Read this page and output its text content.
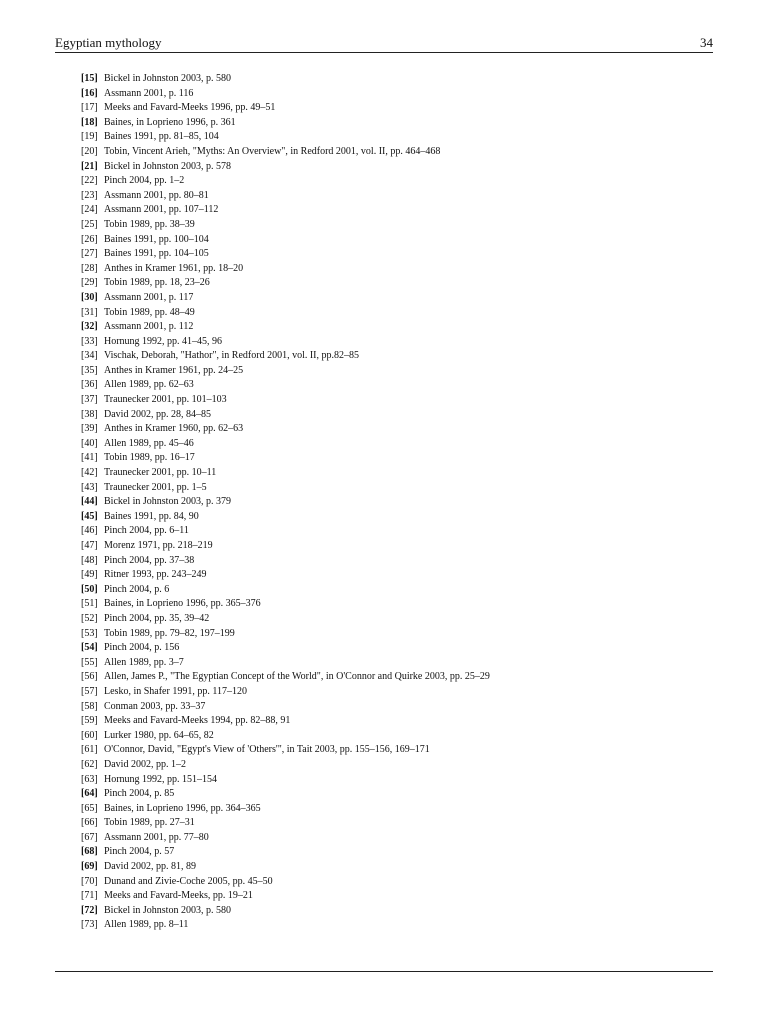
Egyptian mythology	34
[15] Bickel in Johnston 2003, p. 580
[16] Assmann 2001, p. 116
[17] Meeks and Favard-Meeks 1996, pp. 49–51
[18] Baines, in Loprieno 1996, p. 361
[19] Baines 1991, pp. 81–85, 104
[20] Tobin, Vincent Arieh, "Myths: An Overview", in Redford 2001, vol. II, pp. 464–468
[21] Bickel in Johnston 2003, p. 578
[22] Pinch 2004, pp. 1–2
[23] Assmann 2001, pp. 80–81
[24] Assmann 2001, pp. 107–112
[25] Tobin 1989, pp. 38–39
[26] Baines 1991, pp. 100–104
[27] Baines 1991, pp. 104–105
[28] Anthes in Kramer 1961, pp. 18–20
[29] Tobin 1989, pp. 18, 23–26
[30] Assmann 2001, p. 117
[31] Tobin 1989, pp. 48–49
[32] Assmann 2001, p. 112
[33] Hornung 1992, pp. 41–45, 96
[34] Vischak, Deborah, "Hathor", in Redford 2001, vol. II, pp.82–85
[35] Anthes in Kramer 1961, pp. 24–25
[36] Allen 1989, pp. 62–63
[37] Traunecker 2001, pp. 101–103
[38] David 2002, pp. 28, 84–85
[39] Anthes in Kramer 1960, pp. 62–63
[40] Allen 1989, pp. 45–46
[41] Tobin 1989, pp. 16–17
[42] Traunecker 2001, pp. 10–11
[43] Traunecker 2001, pp. 1–5
[44] Bickel in Johnston 2003, p. 379
[45] Baines 1991, pp. 84, 90
[46] Pinch 2004, pp. 6–11
[47] Morenz 1971, pp. 218–219
[48] Pinch 2004, pp. 37–38
[49] Ritner 1993, pp. 243–249
[50] Pinch 2004, p. 6
[51] Baines, in Loprieno 1996, pp. 365–376
[52] Pinch 2004, pp. 35, 39–42
[53] Tobin 1989, pp. 79–82, 197–199
[54] Pinch 2004, p. 156
[55] Allen 1989, pp. 3–7
[56] Allen, James P., "The Egyptian Concept of the World", in O'Connor and Quirke 2003, pp. 25–29
[57] Lesko, in Shafer 1991, pp. 117–120
[58] Conman 2003, pp. 33–37
[59] Meeks and Favard-Meeks 1994, pp. 82–88, 91
[60] Lurker 1980, pp. 64–65, 82
[61] O'Connor, David, "Egypt's View of 'Others'", in Tait 2003, pp. 155–156, 169–171
[62] David 2002, pp. 1–2
[63] Hornung 1992, pp. 151–154
[64] Pinch 2004, p. 85
[65] Baines, in Loprieno 1996, pp. 364–365
[66] Tobin 1989, pp. 27–31
[67] Assmann 2001, pp. 77–80
[68] Pinch 2004, p. 57
[69] David 2002, pp. 81, 89
[70] Dunand and Zivie-Coche 2005, pp. 45–50
[71] Meeks and Favard-Meeks, pp. 19–21
[72] Bickel in Johnston 2003, p. 580
[73] Allen 1989, pp. 8–11
